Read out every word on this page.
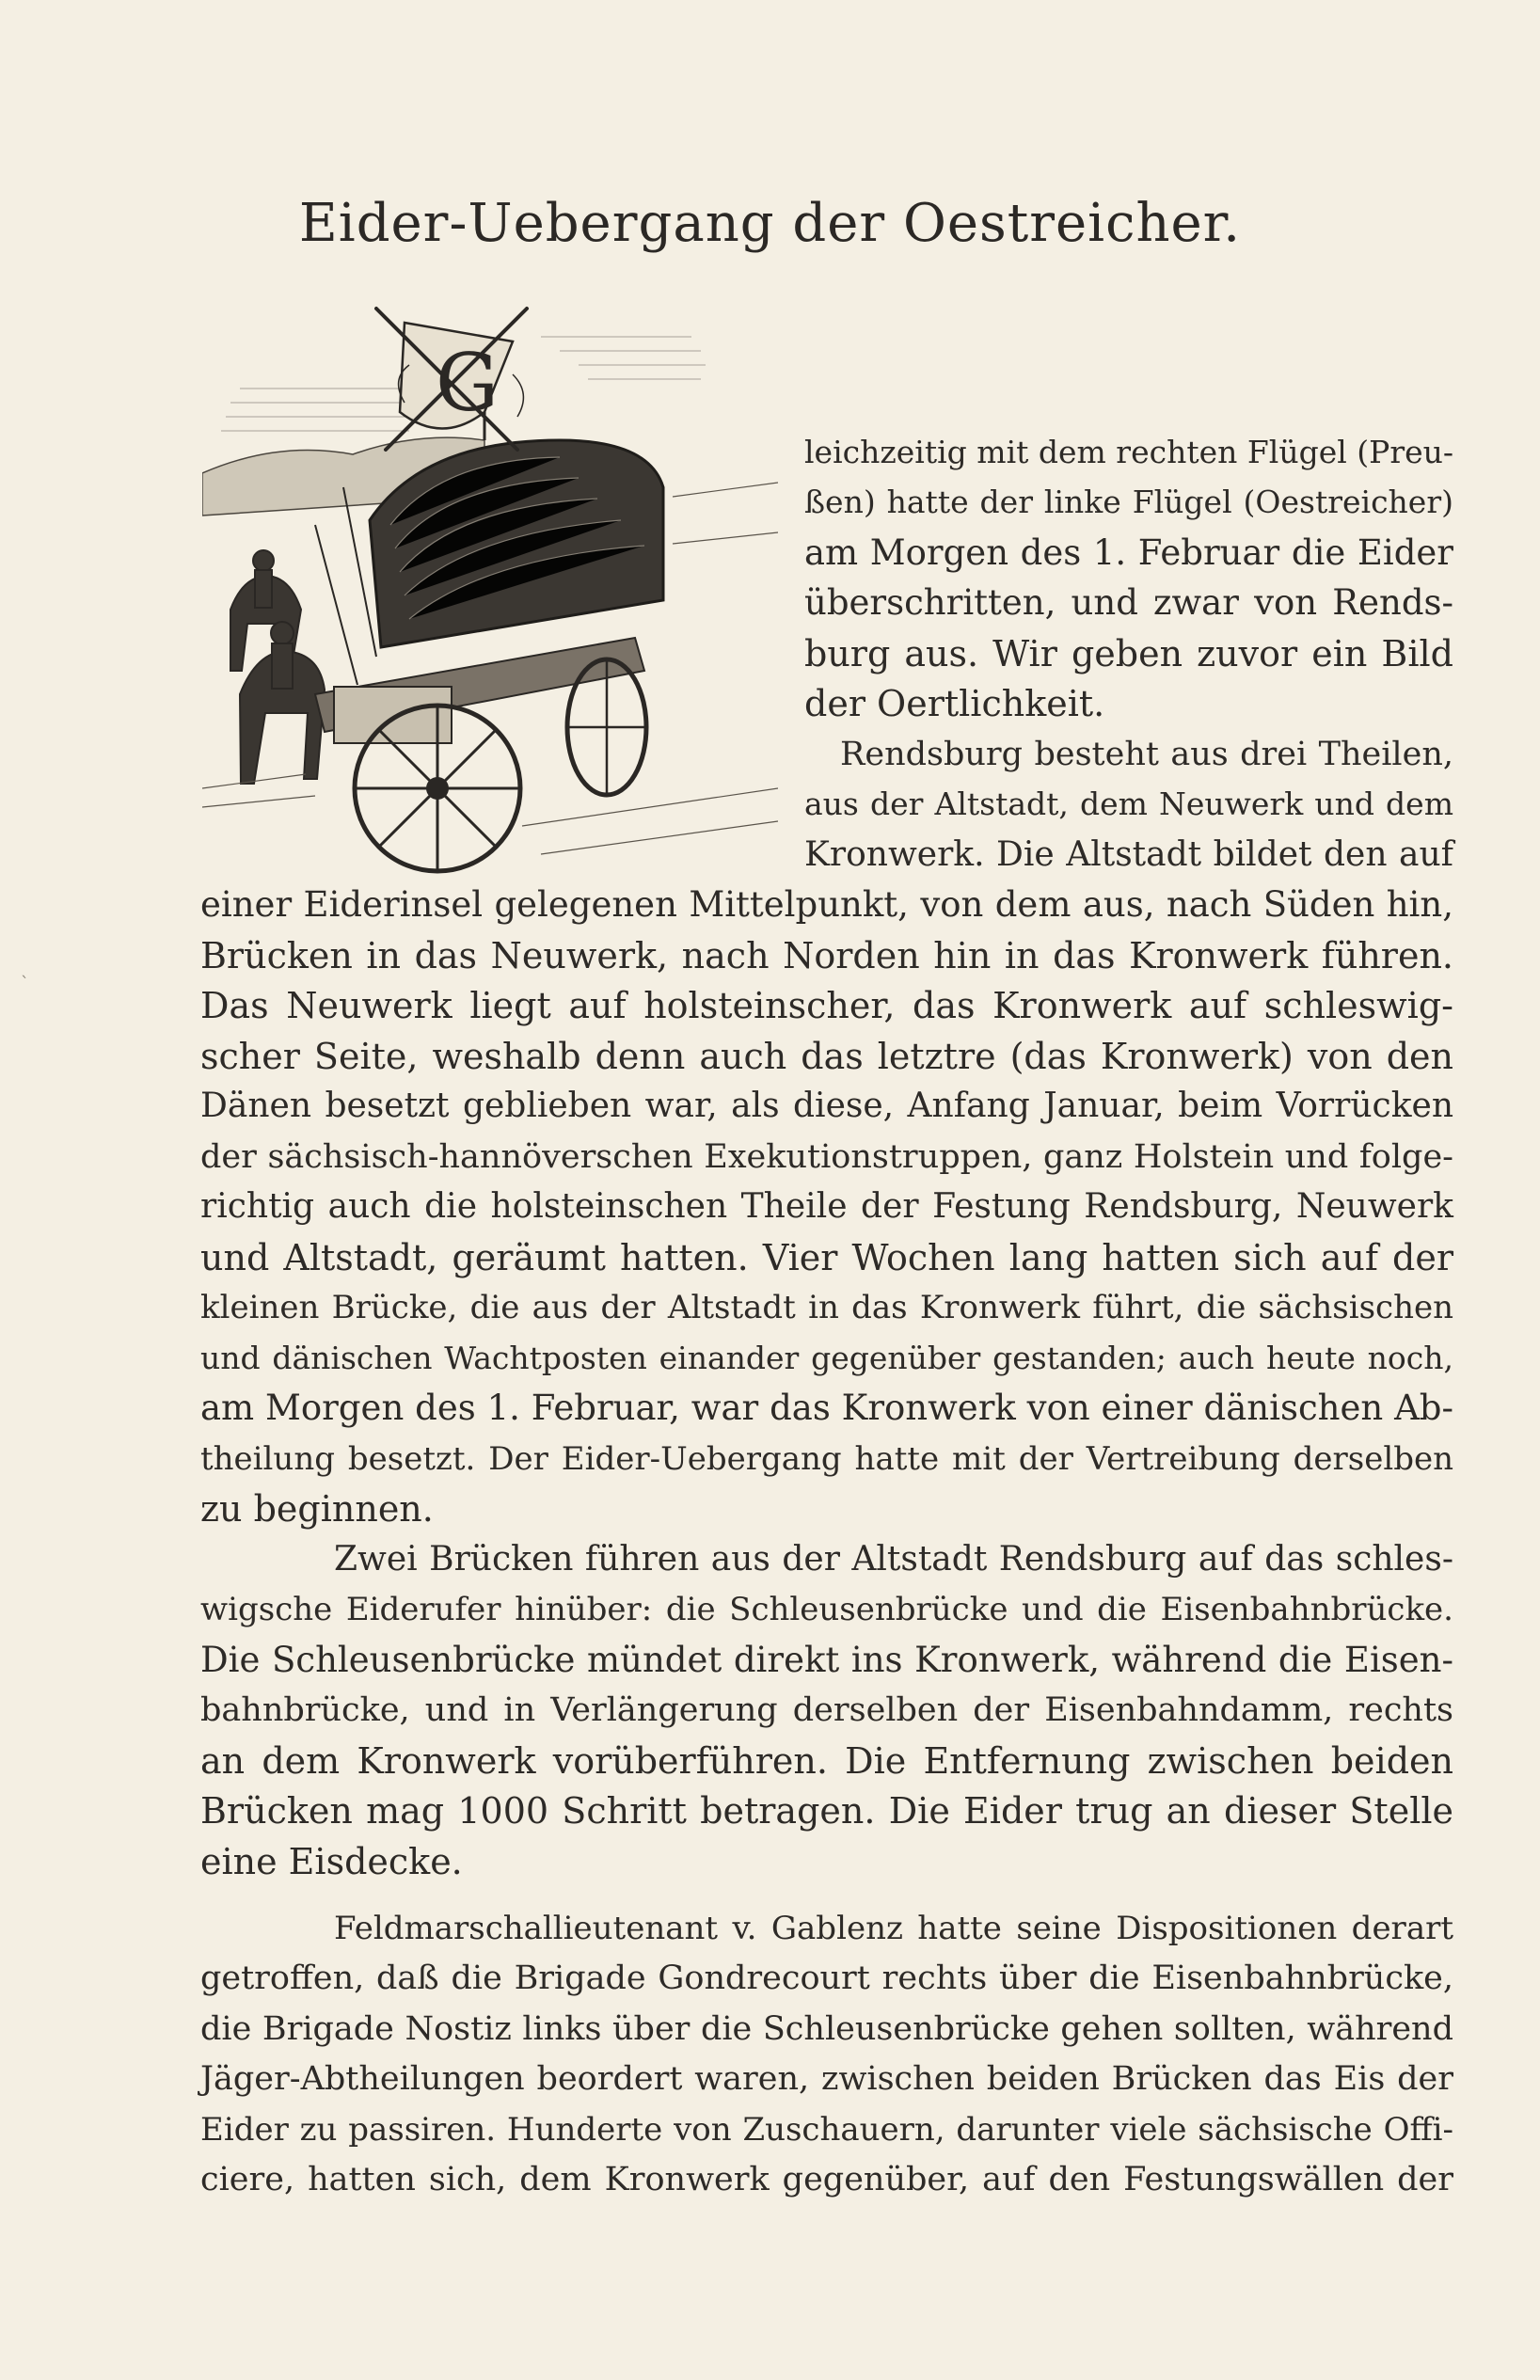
Eider-Uebergang der Oestreicher.
G
leichzeitig mit dem rechten Flügel (Preu-
ßen) hatte der linke Flügel (Oestreicher)
am Morgen des 1. Februar die Eider
überschritten, und zwar von Rends-
burg aus. Wir geben zuvor ein Bild
der Oertlichkeit.
Rendsburg besteht aus drei Theilen,
aus der Altstadt, dem Neuwerk und dem
Kronwerk. Die Altstadt bildet den auf
einer Eiderinsel gelegenen Mittelpunkt, von dem aus, nach Süden hin,
Brücken in das Neuwerk, nach Norden hin in das Kronwerk führen.
Das Neuwerk liegt auf holsteinscher, das Kronwerk auf schleswig-
scher Seite, weshalb denn auch das letztre (das Kronwerk) von den
Dänen besetzt geblieben war, als diese, Anfang Januar, beim Vorrücken
der sächsisch-hannöverschen Exekutionstruppen, ganz Holstein und folge-
richtig auch die holsteinschen Theile der Festung Rendsburg, Neuwerk
und Altstadt, geräumt hatten. Vier Wochen lang hatten sich auf der
kleinen Brücke, die aus der Altstadt in das Kronwerk führt, die sächsischen
und dänischen Wachtposten einander gegenüber gestanden; auch heute noch,
am Morgen des 1. Februar, war das Kronwerk von einer dänischen Ab-
theilung besetzt. Der Eider-Uebergang hatte mit der Vertreibung derselben
zu beginnen.
Zwei Brücken führen aus der Altstadt Rendsburg auf das schles-
wigsche Eiderufer hinüber: die Schleusenbrücke und die Eisenbahnbrücke.
Die Schleusenbrücke mündet direkt ins Kronwerk, während die Eisen-
bahnbrücke, und in Verlängerung derselben der Eisenbahndamm, rechts
an dem Kronwerk vorüberführen. Die Entfernung zwischen beiden
Brücken mag 1000 Schritt betragen. Die Eider trug an dieser Stelle
eine Eisdecke.
Feldmarschallieutenant v. Gablenz hatte seine Dispositionen derart
getroffen, daß die Brigade Gondrecourt rechts über die Eisenbahnbrücke,
die Brigade Nostiz links über die Schleusenbrücke gehen sollten, während
Jäger-Abtheilungen beordert waren, zwischen beiden Brücken das Eis der
Eider zu passiren. Hunderte von Zuschauern, darunter viele sächsische Offi-
ciere, hatten sich, dem Kronwerk gegenüber, auf den Festungswällen der
`
